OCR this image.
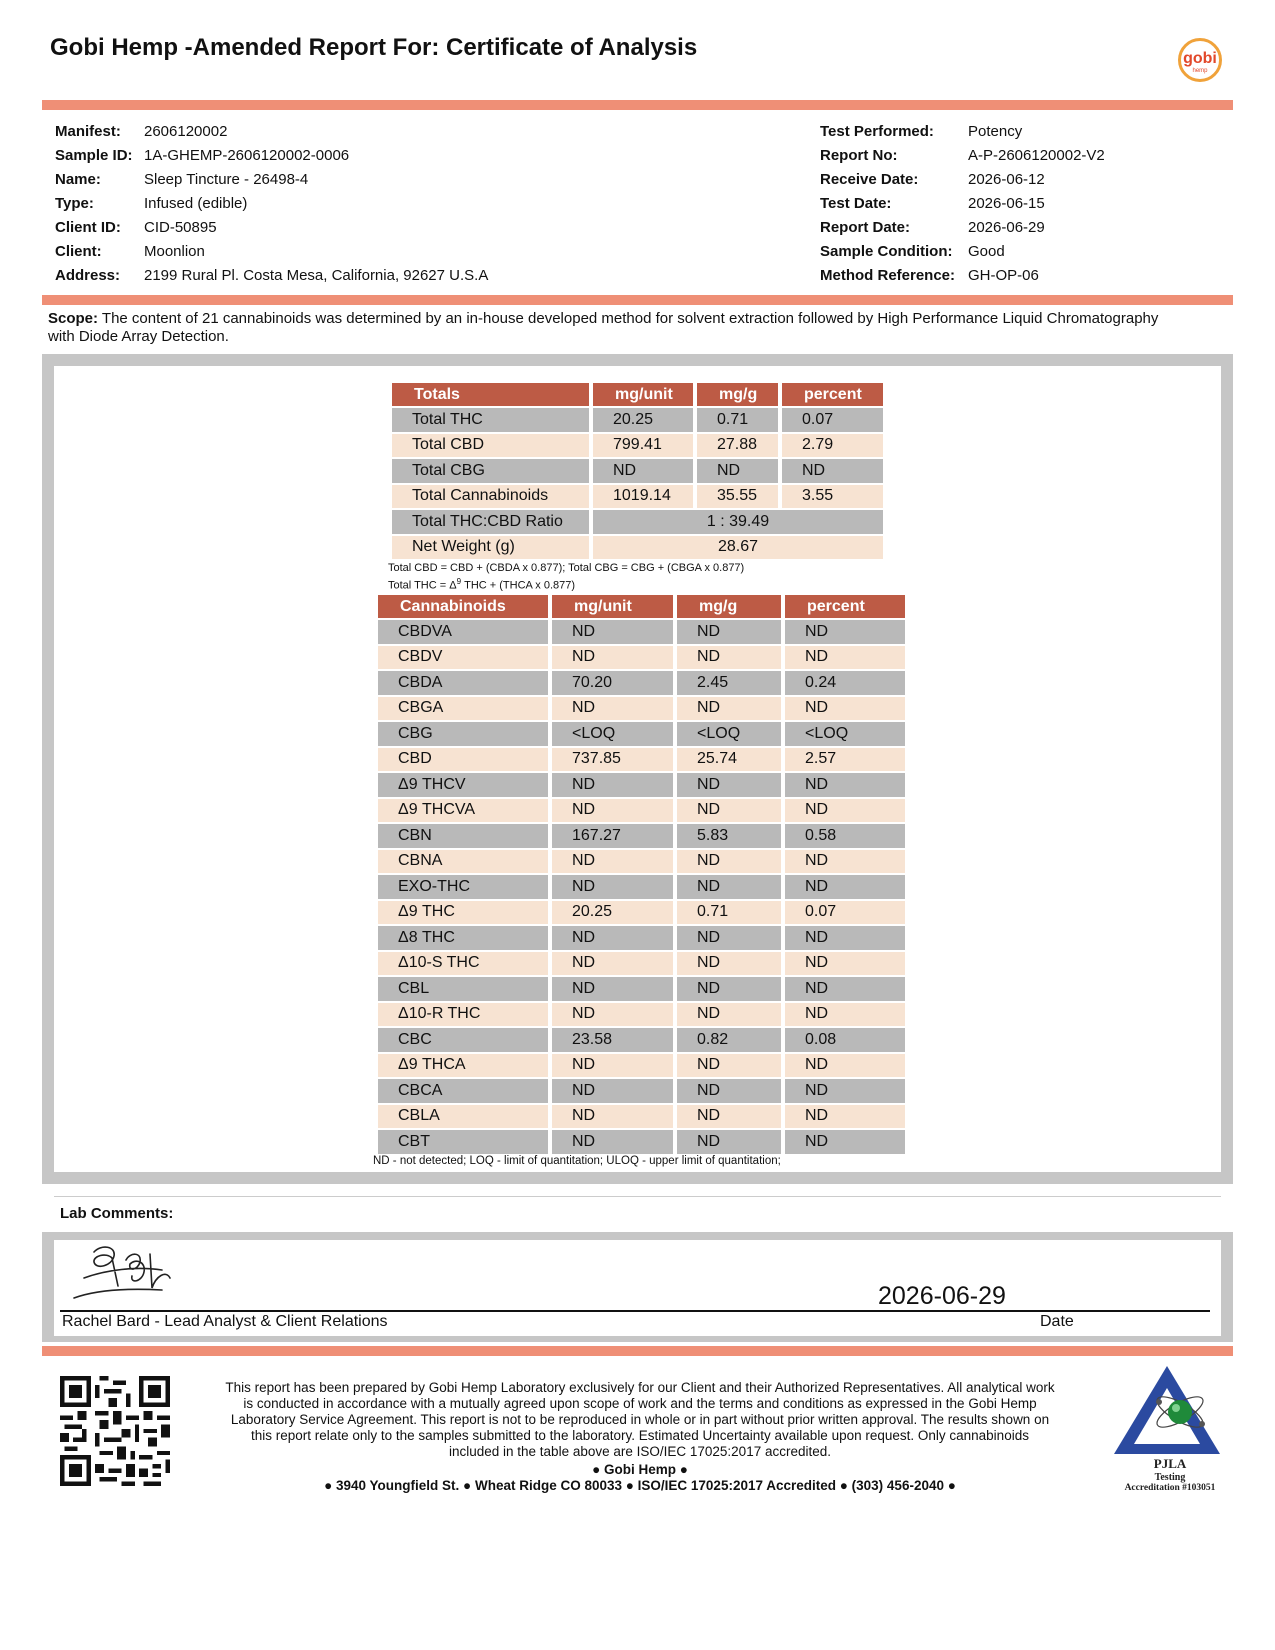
Gobi Hemp -Amended Report For: Certificate of Analysis	gobi
hemp
Manifest:	2606120002
Sample ID: 1A-GHEMP-2606120002-0006
Name:	Sleep Tincture - 26498-4
Type:	Infused (edible)
Client ID:	CID-50895
Client:	Moonlion
Address:	2199 Rural Pl. Costa Mesa, California, 92627 U.S.A
Test Performed:	Potency
Report No:	A-P-2606120002-V2
Receive Date:	2026-06-12
Test Date:	2026-06-15
Report Date:	2026-06-29
Sample Condition:	Good
Method Reference: GH-OP-06
Scope: The content of 21 cannabinoids was determined by an in-house developed method for solvent extraction followed by High Performance Liquid Chromatography with Diode Array Detection.
Totals	mg/unit	mg/g	percent
Total THC	20.25	0.71	0.07
Total CBD	799.41	27.88	2.79
Total CBG	ND	ND	ND
Total Cannabinoids	1019.14	35.55	3.55
Total THC:CBD Ratio	1 : 39.49		
Net Weight (g)	28.67		
Total CBD = CBD + (CBDA x 0.877); Total CBG = CBG + (CBGA x 0.877)
Total THC = $\Delta^9$ THC + (THCA x 0.877)
Cannabinoids	mg/unit	mg/g	percent
CBDVA	ND	ND	ND
CBDV	ND	ND	ND
CBDA	70.20	2.45	0.24
CBGA	ND	ND	ND
CBG	<LOQ	<LOQ	<LOQ
CBD	737.85	25.74	2.57
Δ9 THCV	ND	ND	ND
Δ9 THCVA	ND	ND	ND
CBN	167.27	5.83	0.58
CBNA	ND	ND	ND
EXO-THC	ND	ND	ND
Δ9 THC	20.25	0.71	0.07
Δ8 THC	ND	ND	ND
Δ10-S THC	ND	ND	ND
CBL	ND	ND	ND
Δ10-R THC	ND	ND	ND
CBC	23.58	0.82	0.08
Δ9 THCA	ND	ND	ND
CBCA	ND	ND	ND
CBLA	ND	ND	ND
CBT	ND	ND	ND
ND - not detected; LOQ - limit of quantitation; ULOQ - upper limit of quantitation;
Lab Comments:
2026-06-29
Rachel Bard - Lead Analyst & Client Relations	Date
This report has been prepared by Gobi Hemp Laboratory exclusively for our Client and their Authorized Representatives. All analytical work is conducted in accordance with a mutually agreed upon scope of work and the terms and conditions as expressed in the Gobi Hemp Laboratory Service Agreement. This report is not to be reproduced in whole or in part without prior written approval. The results shown on this report relate only to the samples submitted to the laboratory. Estimated Uncertainty available upon request. Only cannabinoids included in the table above are ISO/IEC 17025:2017 accredited.
● Gobi Hemp ●
● 3940 Youngfield St. ● Wheat Ridge CO 80033 ● ISO/IEC 17025:2017 Accredited ● (303) 456-2040 ●
PJLA
Testing
Accreditation #103051
